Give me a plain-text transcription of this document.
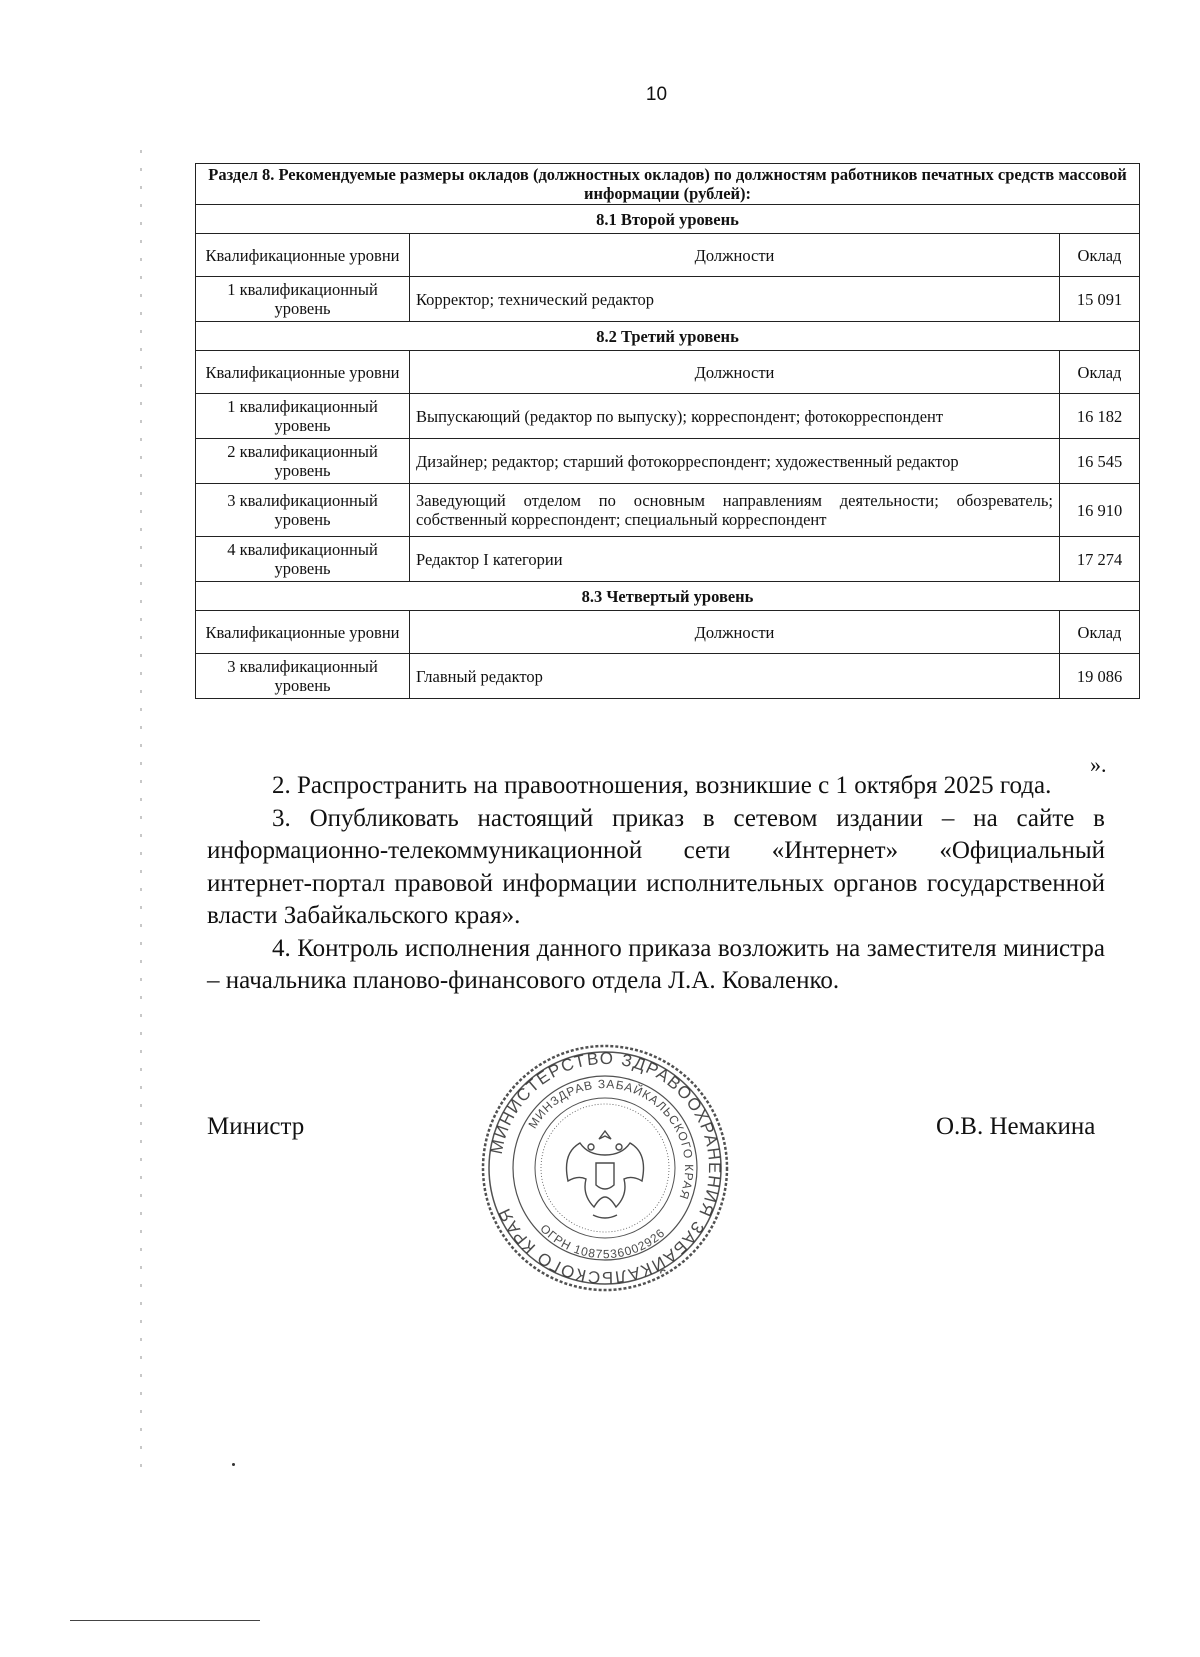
10
Раздел 8. Рекомендуемые размеры окладов (должностных окладов) по должностям работников печатных средств массовой информации (рублей):		
8.1 Второй уровень		
Квалификационные уровни	Должности	Оклад
1 квалификационный уровень	Корректор; технический редактор	15 091
8.2 Третий уровень		
Квалификационные уровни	Должности	Оклад
1 квалификационный уровень	Выпускающий (редактор по выпуску); корреспондент; фотокорреспондент	16 182
2 квалификационный уровень	Дизайнер; редактор; старший фотокорреспондент; художественный редактор	16 545
3 квалификационный уровень	Заведующий отделом по основным направлениям деятельности; обозреватель; собственный корреспондент; специальный корреспондент	16 910
4 квалификационный уровень	Редактор I категории	17 274
8.3 Четвертый уровень		
Квалификационные уровни	Должности	Оклад
3 квалификационный уровень	Главный редактор	19 086
».

2. Распространить на правоотношения, возникшие с 1 октября 2025 года.

3. Опубликовать настоящий приказ в сетевом издании – на сайте в информационно-телекоммуникационной сети «Интернет» «Официальный интернет-портал правовой информации исполнительных органов государственной власти Забайкальского края».

4. Контроль исполнения данного приказа возложить на заместителя министра – начальника планово-финансового отдела Л.А. Коваленко.

Министр	О.В. Немакина
МИНИСТЕРСТВО ЗДРАВООХРАНЕНИЯ ЗАБАЙКАЛЬСКОГО КРАЯ
МИНЗДРАВ ЗАБАЙКАЛЬСКОГО КРАЯ
ОГРН 1087536002926
